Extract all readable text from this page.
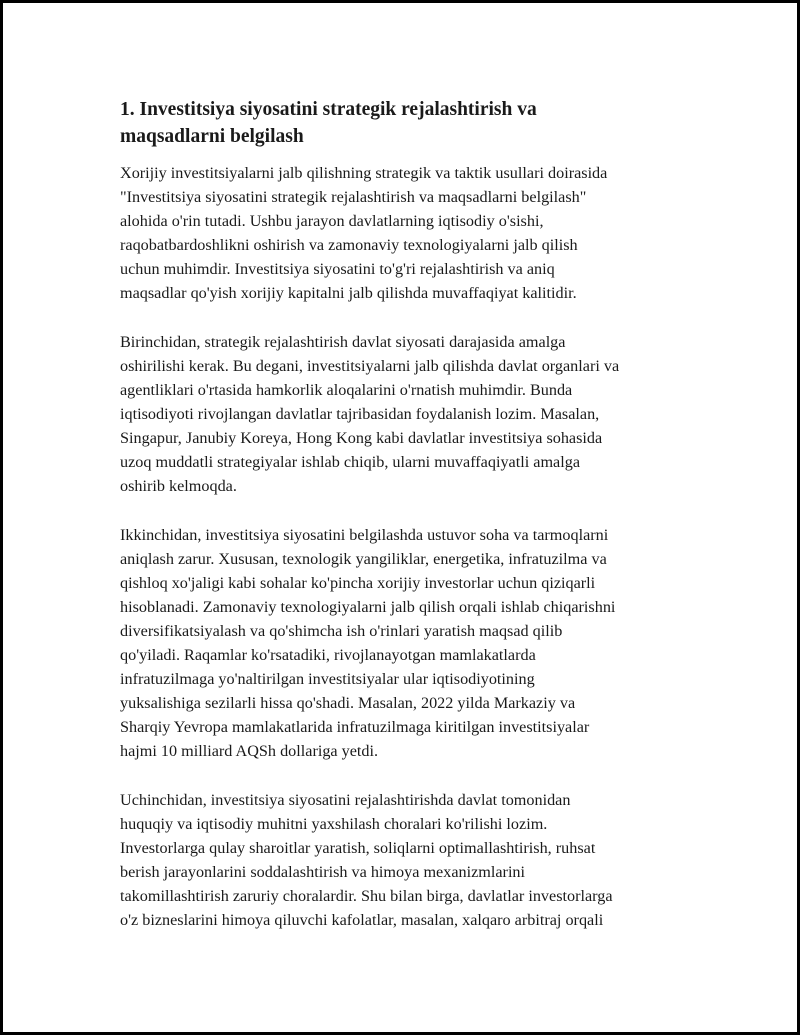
1. Investitsiya siyosatini strategik rejalashtirish va
maqsadlarni belgilash
Xorijiy investitsiyalarni jalb qilishning strategik va taktik usullari doirasida
"Investitsiya siyosatini strategik rejalashtirish va maqsadlarni belgilash"
alohida o'rin tutadi. Ushbu jarayon davlatlarning iqtisodiy o'sishi,
raqobatbardoshlikni oshirish va zamonaviy texnologiyalarni jalb qilish
uchun muhimdir. Investitsiya siyosatini to'g'ri rejalashtirish va aniq
maqsadlar qo'yish xorijiy kapitalni jalb qilishda muvaffaqiyat kalitidir.
Birinchidan, strategik rejalashtirish davlat siyosati darajasida amalga
oshirilishi kerak. Bu degani, investitsiyalarni jalb qilishda davlat organlari va
agentliklari o'rtasida hamkorlik aloqalarini o'rnatish muhimdir. Bunda
iqtisodiyoti rivojlangan davlatlar tajribasidan foydalanish lozim. Masalan,
Singapur, Janubiy Koreya, Hong Kong kabi davlatlar investitsiya sohasida
uzoq muddatli strategiyalar ishlab chiqib, ularni muvaffaqiyatli amalga
oshirib kelmoqda.
Ikkinchidan, investitsiya siyosatini belgilashda ustuvor soha va tarmoqlarni
aniqlash zarur. Xususan, texnologik yangiliklar, energetika, infratuzilma va
qishloq xo'jaligi kabi sohalar ko'pincha xorijiy investorlar uchun qiziqarli
hisoblanadi. Zamonaviy texnologiyalarni jalb qilish orqali ishlab chiqarishni
diversifikatsiyalash va qo'shimcha ish o'rinlari yaratish maqsad qilib
qo'yiladi. Raqamlar ko'rsatadiki, rivojlanayotgan mamlakatlarda
infratuzilmaga yo'naltirilgan investitsiyalar ular iqtisodiyotining
yuksalishiga sezilarli hissa qo'shadi. Masalan, 2022 yilda Markaziy va
Sharqiy Yevropa mamlakatlarida infratuzilmaga kiritilgan investitsiyalar
hajmi 10 milliard AQSh dollariga yetdi.
Uchinchidan, investitsiya siyosatini rejalashtirishda davlat tomonidan
huquqiy va iqtisodiy muhitni yaxshilash choralari ko'rilishi lozim.
Investorlarga qulay sharoitlar yaratish, soliqlarni optimallashtirish, ruhsat
berish jarayonlarini soddalashtirish va himoya mexanizmlarini
takomillashtirish zaruriy choralardir. Shu bilan birga, davlatlar investorlarga
o'z bizneslarini himoya qiluvchi kafolatlar, masalan, xalqaro arbitraj orqali
